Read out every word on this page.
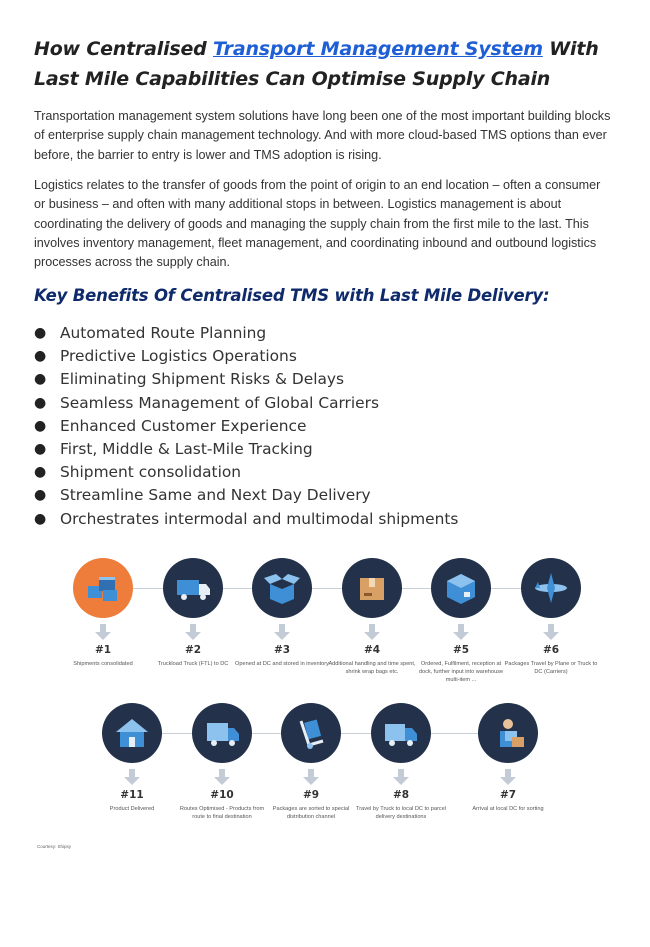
How Centralised Transport Management System With Last Mile Capabilities Can Optimise Supply Chain

Transportation management system solutions have long been one of the most important building blocks of enterprise supply chain management technology. And with more cloud-based TMS options than ever before, the barrier to entry is lower and TMS adoption is rising.

Logistics relates to the transfer of goods from the point of origin to an end location – often a consumer or business – and often with many additional stops in between. Logistics management is about coordinating the delivery of goods and managing the supply chain from the first mile to the last. This involves inventory management, fleet management, and coordinating inbound and outbound logistics processes across the supply chain.

Key Benefits Of Centralised TMS with Last Mile Delivery:
● Automated Route Planning
● Predictive Logistics Operations
● Eliminating Shipment Risks & Delays
● Seamless Management of Global Carriers
● Enhanced Customer Experience
● First, Middle & Last-Mile Tracking
● Shipment consolidation
● Streamline Same and Next Day Delivery
● Orchestrates intermodal and multimodal shipments
#1
Shipments consolidated
#2
Truckload Truck (FTL) to DC
#3
Opened at DC and stored in inventory
#4
Additional handling and time spent, shrink wrap bags etc.
#5
Ordered, Fulfilment, reception at dock, further input into warehouse multi-item ...
#6
Packages Travel by Plane or Truck to DC (Carriers)
#11
Product Delivered
#10
Routes Optimised - Products from route to final destination
#9
Packages are sorted to special distribution channel
#8
Travel by Truck to local DC to parcel delivery destinations
#7
Arrival at local DC for sorting
Courtesy: Shipsy
